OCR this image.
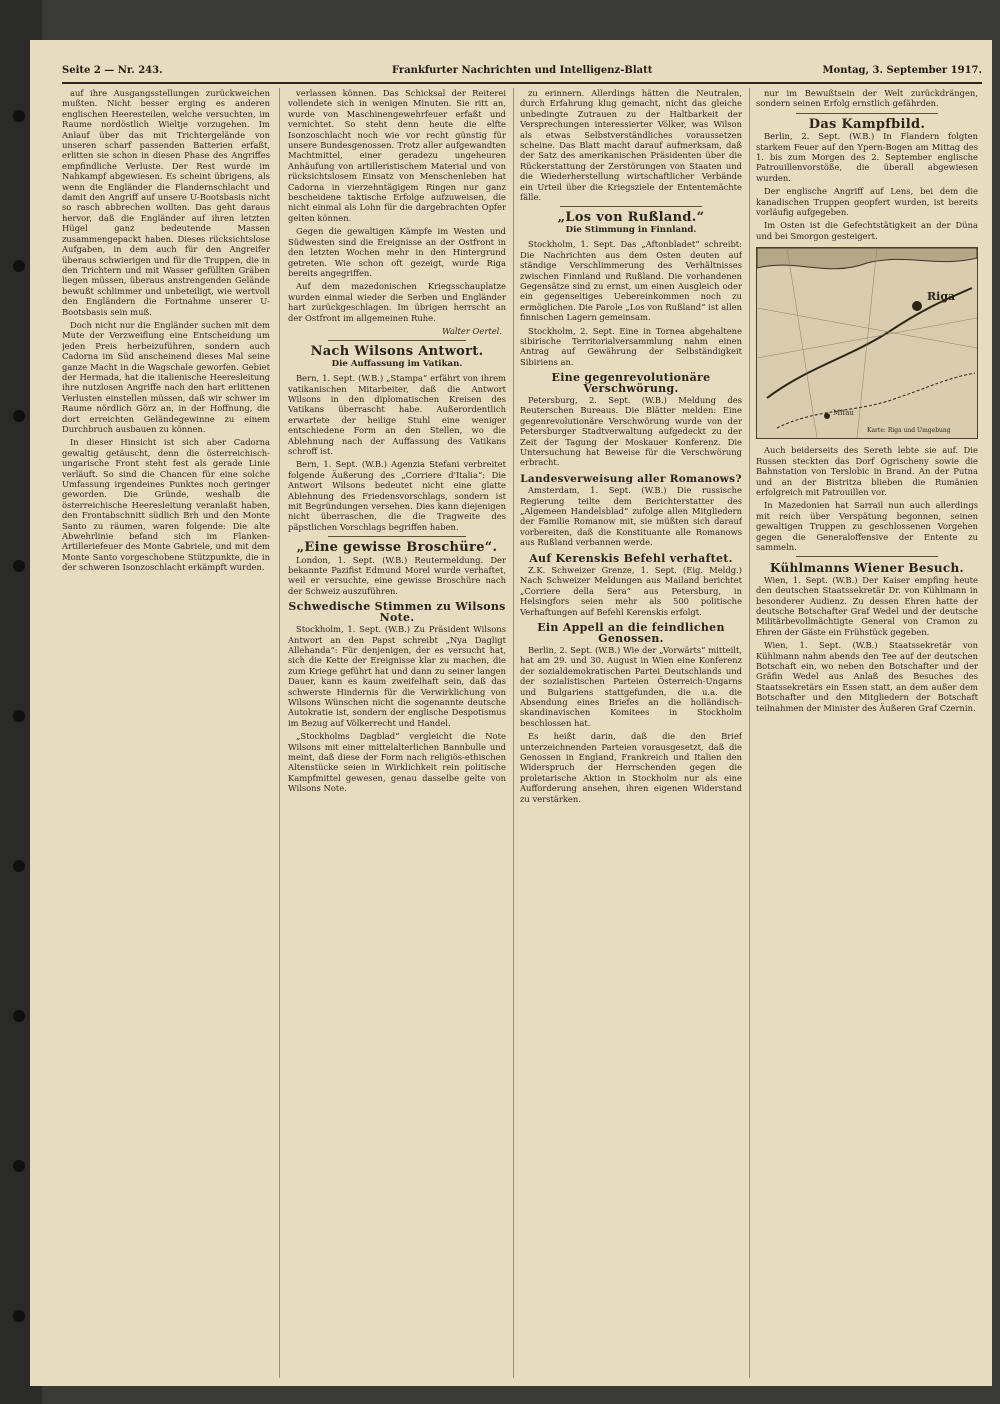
Seite 2 — Nr. 243.	Frankfurter Nachrichten und Intelligenz-Blatt	Montag, 3. September 1917.

auf ihre Ausgangsstellungen zurückweichen mußten. Nicht besser erging es anderen englischen Heeresteilen, welche versuchten, im Raume nordöstlich Wieltje vorzugehen. Im Anlauf über das mit Trichtergelände von unseren scharf passenden Batterien erfaßt, erlitten sie schon in diesen Phase des Angriffes empfindliche Verluste. Der Rest wurde im Nahkampf abgewiesen. Es scheint übrigens, als wenn die Engländer die Flandernschlacht und damit den Angriff auf unsere U-Bootsbasis nicht so rasch abbrechen wollten. Das geht daraus hervor, daß die Engländer auf ihren letzten Hügel ganz bedeutende Massen zusammengepackt haben. Dieses rücksichtslose Aufgaben, in dem auch für den Angreifer überaus schwierigen und für die Truppen, die in den Trichtern und mit Wasser gefüllten Gräben liegen müssen, überaus anstrengenden Gelände bewußt schlimmer und unbeteiligt, wie wertvoll den Engländern die Fortnahme unserer U-Bootsbasis sein muß.

Doch nicht nur die Engländer suchen mit dem Mute der Verzweiflung eine Entscheidung um jeden Preis herbeizuführen, sondern auch Cadorna im Süd anscheinend dieses Mal seine ganze Macht in die Wagschale geworfen. Gebiet der Hermada, hat die italienische Heeresleitung ihre nutzlosen Angriffe nach den hart erlittenen Verlusten einstellen müssen, daß wir schwer im Raume nördlich Görz an, in der Hoffnung, die dort erreichten Geländegewinne zu einem Durchbruch ausbauen zu können.

In dieser Hinsicht ist sich aber Cadorna gewaltig getäuscht, denn die österreichisch-ungarische Front steht fest als gerade Linie verläuft. So sind die Chancen für eine solche Umfassung irgendeines Punktes noch geringer geworden. Die Gründe, weshalb die österreichische Heeresleitung veranlaßt haben, den Frontabschnitt südlich Brh und den Monte Santo zu räumen, waren folgende: Die alte Abwehrlinie befand sich im Flanken-Artilleriefeuer des Monte Gabriele, und mit dem Monte Santo vorgeschobene Stützpunkte, die in der schweren Isonzoschlacht erkämpft wurden.

verlassen können. Das Schicksal der Reiterei vollendete sich in wenigen Minuten. Sie ritt an, wurde von Maschinengewehrfeuer erfaßt und vernichtet. So steht denn heute die elfte Isonzoschlacht noch wie vor recht günstig für unsere Bundesgenossen. Trotz aller aufgewandten Machtmittel, einer geradezu ungeheuren Anhäufung von artilleristischem Material und von rücksichtslosem Einsatz von Menschenleben hat Cadorna in vierzehntägigem Ringen nur ganz bescheidene taktische Erfolge aufzuweisen, die nicht einmal als Lohn für die dargebrachten Opfer gelten können.

Gegen die gewaltigen Kämpfe im Westen und Südwesten sind die Ereignisse an der Ostfront in den letzten Wochen mehr in den Hintergrund getreten. Wie schon oft gezeigt, wurde Riga bereits angegriffen.

Auf dem mazedonischen Kriegsschauplatze wurden einmal wieder die Serben und Engländer hart zurückgeschlagen. Im übrigen herrscht an der Ostfront im allgemeinen Ruhe.

Walter Oertel.
Nach Wilsons Antwort.
Die Auffassung im Vatikan.

Bern, 1. Sept. (W.B.) „Stampa“ erfährt von ihrem vatikanischen Mitarbeiter, daß die Antwort Wilsons in den diplomatischen Kreisen des Vatikans überrascht habe. Außerordentlich erwartete der heilige Stuhl eine weniger entschiedene Form an den Stellen, wo die Ablehnung nach der Auffassung des Vatikans schroff ist.

Bern, 1. Sept. (W.B.) Agenzia Stefani verbreitet folgende Äußerung des „Corriere d'Italia“: Die Antwort Wilsons bedeutet nicht eine glatte Ablehnung des Friedensvorschlags, sondern ist mit Begründungen versehen. Dies kann diejenigen nicht überraschen, die die Tragweite des päpstlichen Vorschlags begriffen haben.

„Eine gewisse Broschüre“.

London, 1. Sept. (W.B.) Reutermeldung. Der bekannte Pazifist Edmund Morel wurde verhaftet, weil er versuchte, eine gewisse Broschüre nach der Schweiz auszuführen.

Schwedische Stimmen zu Wilsons Note.

Stockholm, 1. Sept. (W.B.) Zu Präsident Wilsons Antwort an den Papst schreibt „Nya Dagligt Allehanda“: Für denjenigen, der es versucht hat, sich die Kette der Ereignisse klar zu machen, die zum Kriege geführt hat und dann zu seiner langen Dauer, kann es kaum zweifelhaft sein, daß das schwerste Hindernis für die Verwirklichung von Wilsons Wünschen nicht die sogenannte deutsche Autokratie ist, sondern der englische Despotismus im Bezug auf Völkerrecht und Handel.

„Stockholms Dagblad“ vergleicht die Note Wilsons mit einer mittelalterlichen Bannbulle und meint, daß diese der Form nach religiös-ethischen Altenstücke seien in Wirklichkeit rein politische Kampfmittel gewesen, genau dasselbe gelte von Wilsons Note.

zu erinnern. Allerdings hätten die Neutralen, durch Erfahrung klug gemacht, nicht das gleiche unbedingte Zutrauen zu der Haltbarkeit der Versprechungen interessierter Völker, was Wilson als etwas Selbstverständliches voraussetzen scheine. Das Blatt macht darauf aufmerksam, daß der Satz des amerikanischen Präsidenten über die Rückerstattung der Zerstörungen von Staaten und die Wiederherstellung wirtschaftlicher Verbände ein Urteil über die Kriegsziele der Ententemächte fälle.

„Los von Rußland.“
Die Stimmung in Finnland.

Stockholm, 1. Sept. Das „Aftonbladet“ schreibt: Die Nachrichten aus dem Osten deuten auf ständige Verschlimmerung des Verhältnisses zwischen Finnland und Rußland. Die vorhandenen Gegensätze sind zu ernst, um einen Ausgleich oder ein gegenseitiges Uebereinkommen noch zu ermöglichen. Die Parole „Los von Rußland“ ist allen finnischen Lagern gemeinsam.

Stockholm, 2. Sept. Eine in Tornea abgehaltene sibirische Territorialversammlung nahm einen Antrag auf Gewährung der Selbständigkeit Sibiriens an.

Eine gegenrevolutionäre Verschwörung.

Petersburg, 2. Sept. (W.B.) Meldung des Reuterschen Bureaus. Die Blätter melden: Eine gegenrevolutionäre Verschwörung wurde von der Petersburger Stadtverwaltung aufgedeckt zu der Zeit der Tagung der Moskauer Konferenz. Die Untersuchung hat Beweise für die Verschwörung erbracht.

Landesverweisung aller Romanows?

Amsterdam, 1. Sept. (W.B.) Die russische Regierung teilte dem Berichterstatter des „Algemeen Handelsblad“ zufolge allen Mitgliedern der Familie Romanow mit, sie müßten sich darauf vorbereiten, daß die Konstituante alle Romanows aus Rußland verbannen werde.

Auf Kerenskis Befehl verhaftet.

Z.K. Schweizer Grenze, 1. Sept. (Eig. Meldg.) Nach Schweizer Meldungen aus Mailand berichtet „Corriere della Sera“ aus Petersburg, in Helsingfors seien mehr als 500 politische Verhaftungen auf Befehl Kerenskis erfolgt.

Ein Appell an die feindlichen Genossen.

Berlin, 2. Sept. (W.B.) Wie der „Vorwärts“ mitteilt, hat am 29. und 30. August in Wien eine Konferenz der sozialdemokratischen Partei Deutschlands und der sozialistischen Parteien Österreich-Ungarns und Bulgariens stattgefunden, die u.a. die Absendung eines Briefes an die holländisch-skandinavischen Komitees in Stockholm beschlossen hat.

Es heißt darin, daß die den Brief unterzeichnenden Parteien vorausgesetzt, daß die Genossen in England, Frankreich und Italien den Widerspruch der Herrschenden gegen die proletarische Aktion in Stockholm nur als eine Aufforderung ansehen, ihren eigenen Widerstand zu verstärken.

nur im Bewußtsein der Welt zurückdrängen, sondern seinen Erfolg ernstlich gefährden.

Das Kampfbild.

Berlin, 2. Sept. (W.B.) In Flandern folgten starkem Feuer auf den Ypern-Bogen am Mittag des 1. bis zum Morgen des 2. September englische Patrouillenvorstöße, die überall abgewiesen wurden.

Der englische Angriff auf Lens, bei dem die kanadischen Truppen geopfert wurden, ist bereits vorläufig aufgegeben.

Im Osten ist die Gefechtstätigkeit an der Düna und bei Smorgon gesteigert.

Riga
Mitau
Karte: Riga und Umgebung

Auch beiderseits des Sereth lebte sie auf. Die Russen steckten das Dorf Ogrischeny sowie die Bahnstation von Terslobic in Brand. An der Putna und an der Bistritza blieben die Rumänien erfolgreich mit Patrouillen vor.

In Mazedonien hat Sarrail nun auch allerdings mit reich über Verspätung begonnen, seinen gewaltigen Truppen zu geschlossenen Vorgehen gegen die Generaloffensive der Entente zu sammeln.

Kühlmanns Wiener Besuch.

Wien, 1. Sept. (W.B.) Der Kaiser empfing heute den deutschen Staatssekretär Dr. von Kühlmann in besonderer Audienz. Zu dessen Ehren hatte der deutsche Botschafter Graf Wedel und der deutsche Militärbevollmächtigte General von Cramon zu Ehren der Gäste ein Frühstück gegeben.

Wien, 1. Sept. (W.B.) Staatssekretär von Kühlmann nahm abends den Tee auf der deutschen Botschaft ein, wo neben den Botschafter und der Gräfin Wedel aus Anlaß des Besuches des Staatssekretärs ein Essen statt, an dem außer dem Botschafter und den Mitgliedern der Botschaft teilnahmen der Minister des Äußeren Graf Czernin.
